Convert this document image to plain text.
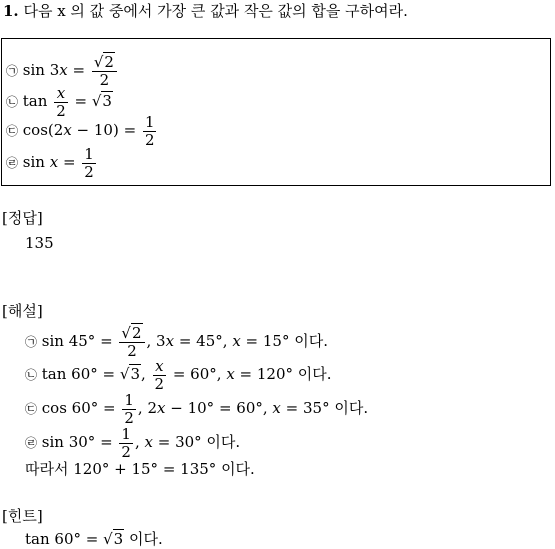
1. 다음 x 의 값 중에서 가장 큰 값과 작은 값의 합을 구하여라.
㉠ $\sin 3x = \frac{√2}{2}$
㉡ $\tan \frac{x}{2} = √3$
㉢ $\cos(2x - 10) = \frac{1}{2}$
㉣ $\sin x = \frac{1}{2}$
[정답]
135
[해설]
㉠ $\sin 45^\circ = \frac{√2}{2}$ , 3x = 45°, x = 15° 이다.
㉡ tan 60° = √3, $\frac{x}{2} = 60^\circ$, x = 120° 이다.
㉢ $\cos 60^\circ = \frac{1}{2}$ , 2x − 10° = 60°, x = 35° 이다.
㉣ $\sin 30^\circ = \frac{1}{2}$ , x = 30° 이다.
따라서 120° + 15° = 135° 이다.
[힌트]
tan 60° = √3 이다.
